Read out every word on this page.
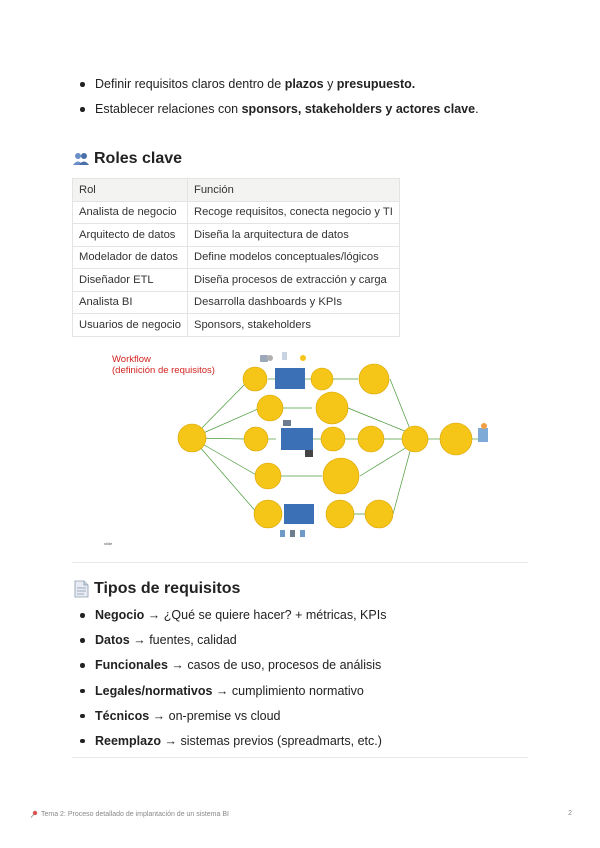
Definir requisitos claros dentro de plazos y presupuesto.
Establecer relaciones con sponsors, stakeholders y actores clave.
Roles clave
Rol	Función
Analista de negocio	Recoge requisitos, conecta negocio y TI
Arquitecto de datos	Diseña la arquitectura de datos
Modelador de datos	Define modelos conceptuales/lógicos
Diseñador ETL	Diseña procesos de extracción y carga
Analista BI	Desarrolla dashboards y KPIs
Usuarios de negocio	Sponsors, stakeholders
Workflow
(definición de requisitos)
slide
Tipos de requisitos
Negocio → ¿Qué se quiere hacer? + métricas, KPIs
Datos → fuentes, calidad
Funcionales → casos de uso, procesos de análisis
Legales/normativos → cumplimiento normativo
Técnicos → on-premise vs cloud
Reemplazo → sistemas previos (spreadmarts, etc.)
Tema 2: Proceso detallado de implantación de un sistema BI	2
